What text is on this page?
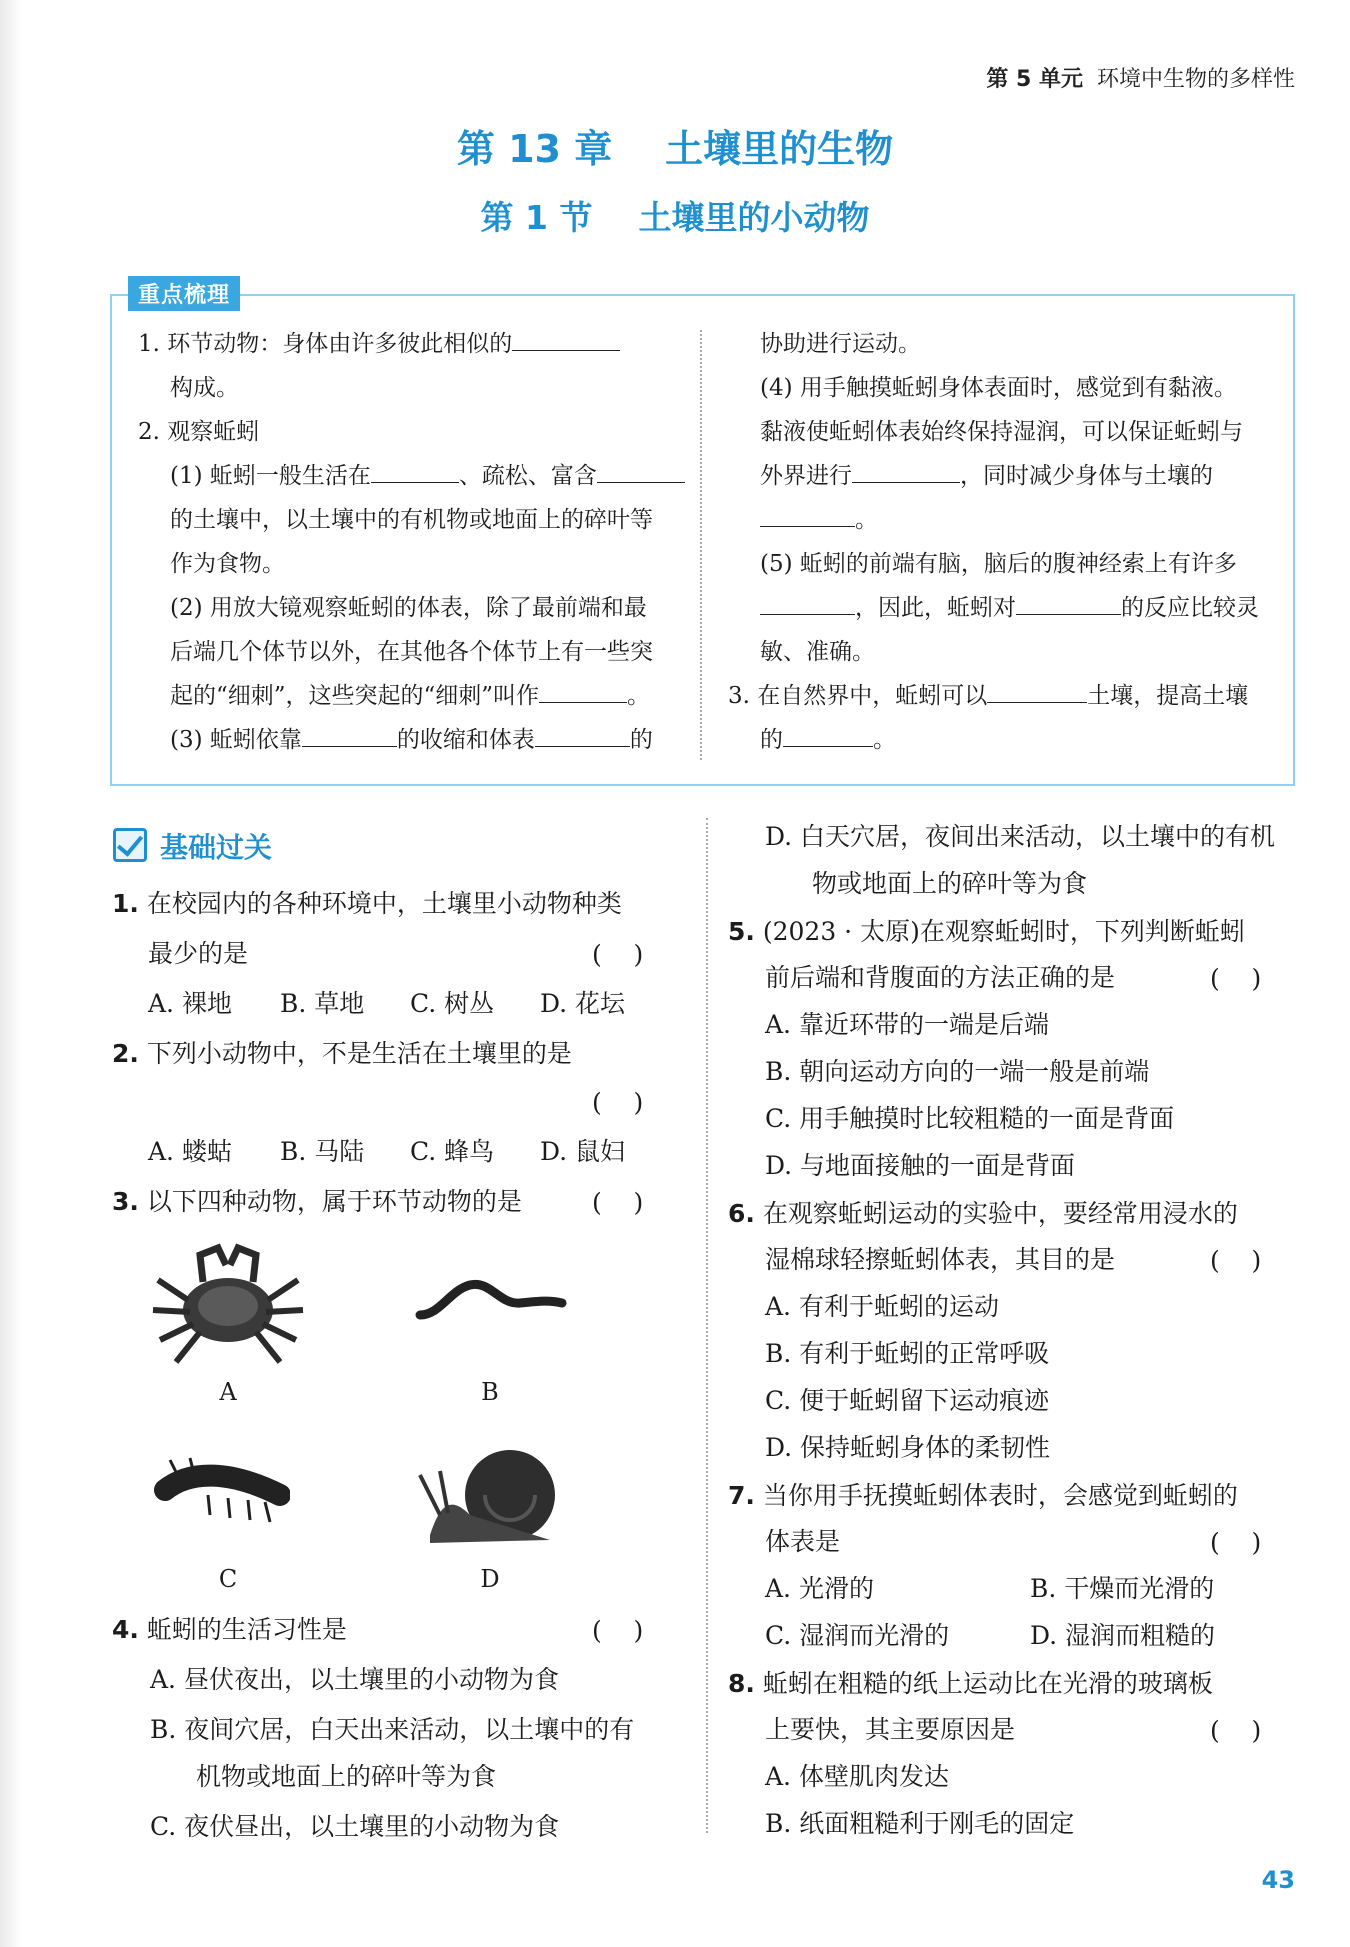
第 5 单元 环境中生物的多样性
第 13 章    土壤里的生物
第 1 节    土壤里的小动物
重点梳理
1. 环节动物：身体由许多彼此相似的
构成。
2. 观察蚯蚓
(1) 蚯蚓一般生活在	、疏松、富含
的土壤中，以土壤中的有机物或地面上的碎叶等
作为食物。
(2) 用放大镜观察蚯蚓的体表，除了最前端和最
后端几个体节以外，在其他各个体节上有一些突
起的“细刺”，这些突起的“细刺”叫作	。
(3) 蚯蚓依靠	的收缩和体表	的
协助进行运动。
(4) 用手触摸蚯蚓身体表面时，感觉到有黏液。
黏液使蚯蚓体表始终保持湿润，可以保证蚯蚓与
外界进行	，同时减少身体与土壤的
。
(5) 蚯蚓的前端有脑，脑后的腹神经索上有许多
，因此，蚯蚓对	的反应比较灵
敏、准确。
3. 在自然界中，蚯蚓可以	土壤，提高土壤
的	。
基础过关
1. 在校园内的各种环境中，土壤里小动物种类
最少的是	(    )
A. 裸地 B. 草地 C. 树丛 D. 花坛
2. 下列小动物中，不是生活在土壤里的是
(    )
A. 蝼蛄 B. 马陆 C. 蜂鸟 D. 鼠妇
3. 以下四种动物，属于环节动物的是	(    )
A	B
C	D
4. 蚯蚓的生活习性是	(    )
A. 昼伏夜出，以土壤里的小动物为食
B. 夜间穴居，白天出来活动，以土壤中的有
机物或地面上的碎叶等为食
C. 夜伏昼出，以土壤里的小动物为食
D. 白天穴居，夜间出来活动，以土壤中的有机
物或地面上的碎叶等为食
5. (2023 · 太原)在观察蚯蚓时，下列判断蚯蚓
前后端和背腹面的方法正确的是	(    )
A. 靠近环带的一端是后端
B. 朝向运动方向的一端一般是前端
C. 用手触摸时比较粗糙的一面是背面
D. 与地面接触的一面是背面
6. 在观察蚯蚓运动的实验中，要经常用浸水的
湿棉球轻擦蚯蚓体表，其目的是	(    )
A. 有利于蚯蚓的运动
B. 有利于蚯蚓的正常呼吸
C. 便于蚯蚓留下运动痕迹
D. 保持蚯蚓身体的柔韧性
7. 当你用手抚摸蚯蚓体表时，会感觉到蚯蚓的
体表是	(    )
A. 光滑的	B. 干燥而光滑的
C. 湿润而光滑的	D. 湿润而粗糙的
8. 蚯蚓在粗糙的纸上运动比在光滑的玻璃板
上要快，其主要原因是	(    )
A. 体壁肌肉发达
B. 纸面粗糙利于刚毛的固定
43
